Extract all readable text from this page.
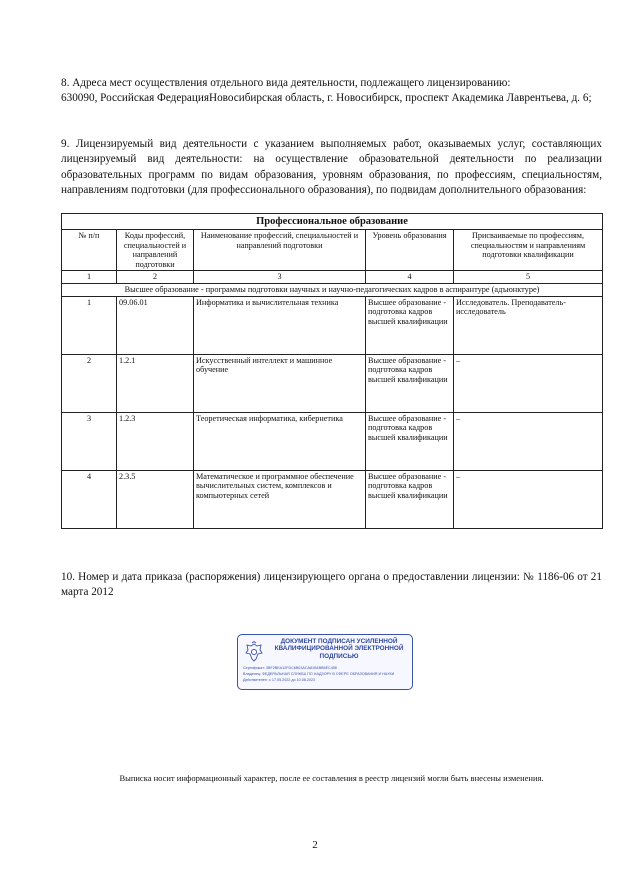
8. Адреса мест осуществления отдельного вида деятельности, подлежащего лицензированию:
630090, Российская ФедерацияНовосибирская область, г. Новосибирск, проспект Академика Лаврентьева, д. 6;
9. Лицензируемый вид деятельности с указанием выполняемых работ, оказываемых услуг, составляющих лицензируемый вид деятельности: на осуществление образовательной деятельности по реализации образовательных программ по видам образования, уровням образования, по профессиям, специальностям, направлениям подготовки (для профессионального образования), по подвидам дополнительного образования:
Профессиональное образование				
№ п/п	Коды профессий, специальностей и направлений подготовки	Наименование профессий, специальностей и направлений подготовки	Уровень образования	Присваиваемые по профессиям, специальностям и направлениям подготовки квалификации
1	2	3	4	5
Высшее образование - программы подготовки научных и научно-педагогических кадров в аспирантуре (адъюнктуре)				
1	09.06.01	Информатика и вычислительная техника	Высшее образование - подготовка кадров высшей квалификации	Исследователь. Преподаватель-исследователь
2	1.2.1	Искусственный интеллект и машинное обучение	Высшее образование - подготовка кадров высшей квалификации	–
3	1.2.3	Теоретическая информатика, кибернетика	Высшее образование - подготовка кадров высшей квалификации	–
4	2.3.5	Математическое и программное обеспечение вычислительных систем, комплексов и компьютерных сетей	Высшее образование - подготовка кадров высшей квалификации	–
10. Номер и дата приказа (распоряжения) лицензирующего органа о предоставлении лицензии: № 1186-06 от 21 марта 2012
ДОКУМЕНТ ПОДПИСАН УСИЛЕННОЙ КВАЛИФИЦИРОВАННОЙ ЭЛЕКТРОННОЙ ПОДПИСЬЮ
Сертификат: 3BF2BEA12FDC6B03ACA81B4BB5EC458
Владелец: ФЕДЕРАЛЬНАЯ СЛУЖБА ПО НАДЗОРУ В СФЕРЕ ОБРАЗОВАНИЯ И НАУКИ
Действителен: с 17.05.2022 до 10.08.2023
Выписка носит информационный характер, после ее составления в реестр лицензий могли быть внесены изменения.
2
